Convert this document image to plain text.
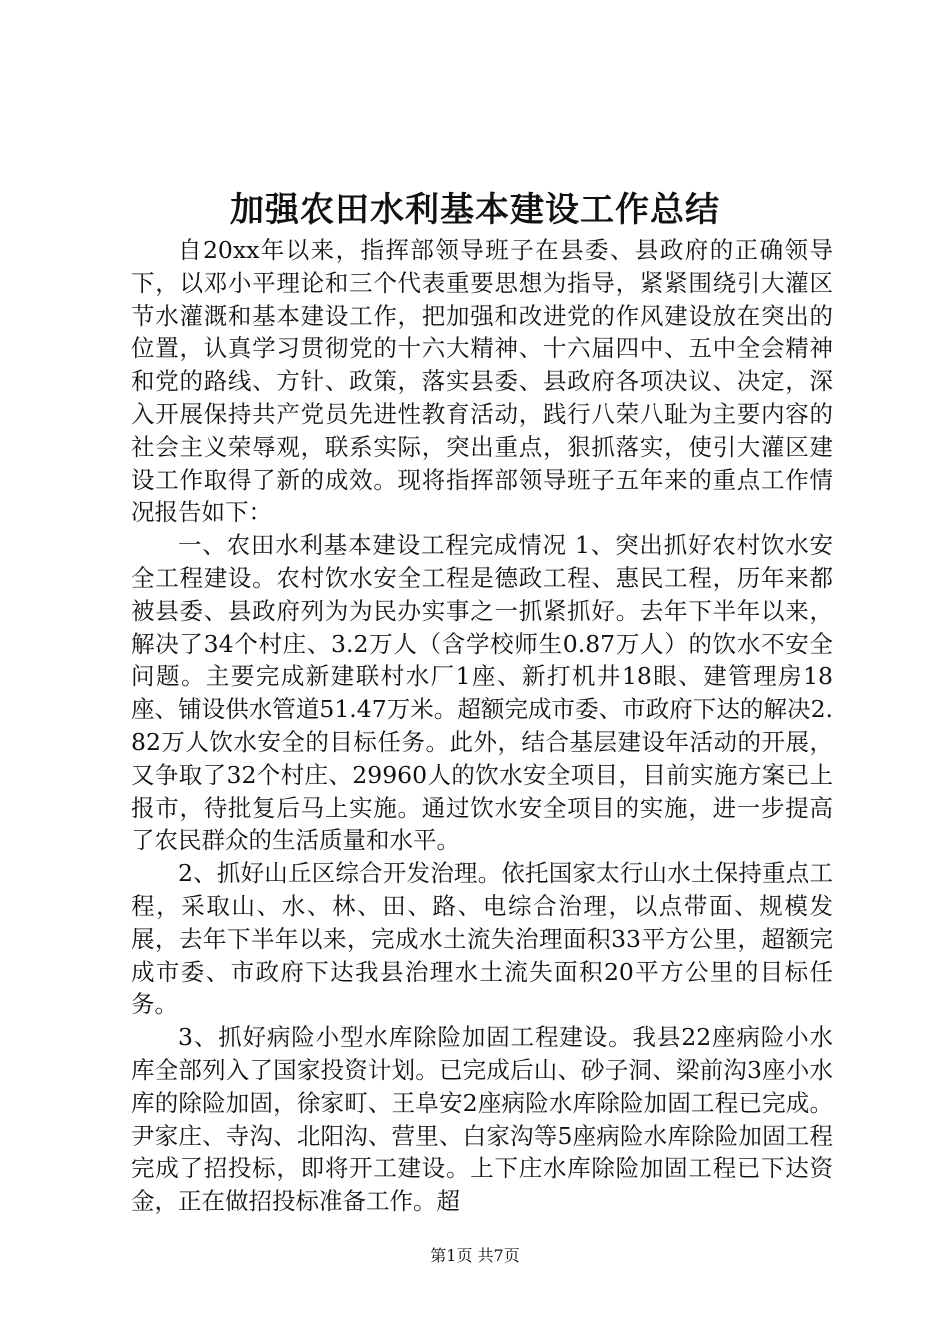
加强农田水利基本建设工作总结

自20xx年以来，指挥部领导班子在县委、县政府的正确领导下，以邓小平理论和三个代表重要思想为指导，紧紧围绕引大灌区节水灌溉和基本建设工作，把加强和改进党的作风建设放在突出的位置，认真学习贯彻党的十六大精神、十六届四中、五中全会精神和党的路线、方针、政策，落实县委、县政府各项决议、决定，深入开展保持共产党员先进性教育活动，践行八荣八耻为主要内容的社会主义荣辱观，联系实际，突出重点，狠抓落实，使引大灌区建设工作取得了新的成效。现将指挥部领导班子五年来的重点工作情况报告如下：

一、农田水利基本建设工程完成情况 1、突出抓好农村饮水安全工程建设。农村饮水安全工程是德政工程、惠民工程，历年来都被县委、县政府列为为民办实事之一抓紧抓好。去年下半年以来，解决了34个村庄、3.2万人（含学校师生0.87万人）的饮水不安全问题。主要完成新建联村水厂1座、新打机井18眼、建管理房18座、铺设供水管道51.47万米。超额完成市委、市政府下达的解决2.82万人饮水安全的目标任务。此外，结合基层建设年活动的开展，又争取了32个村庄、29960人的饮水安全项目，目前实施方案已上报市，待批复后马上实施。通过饮水安全项目的实施，进一步提高了农民群众的生活质量和水平。

2、抓好山丘区综合开发治理。依托国家太行山水土保持重点工程，采取山、水、林、田、路、电综合治理，以点带面、规模发展，去年下半年以来，完成水土流失治理面积33平方公里，超额完成市委、市政府下达我县治理水土流失面积20平方公里的目标任务。

3、抓好病险小型水库除险加固工程建设。我县22座病险小水库全部列入了国家投资计划。已完成后山、砂子洞、梁前沟3座小水库的除险加固，徐家町、王阜安2座病险水库除险加固工程已完成。尹家庄、寺沟、北阳沟、营里、白家沟等5座病险水库除险加固工程完成了招投标，即将开工建设。上下庄水库除险加固工程已下达资金，正在做招投标准备工作。超

第1页 共7页
